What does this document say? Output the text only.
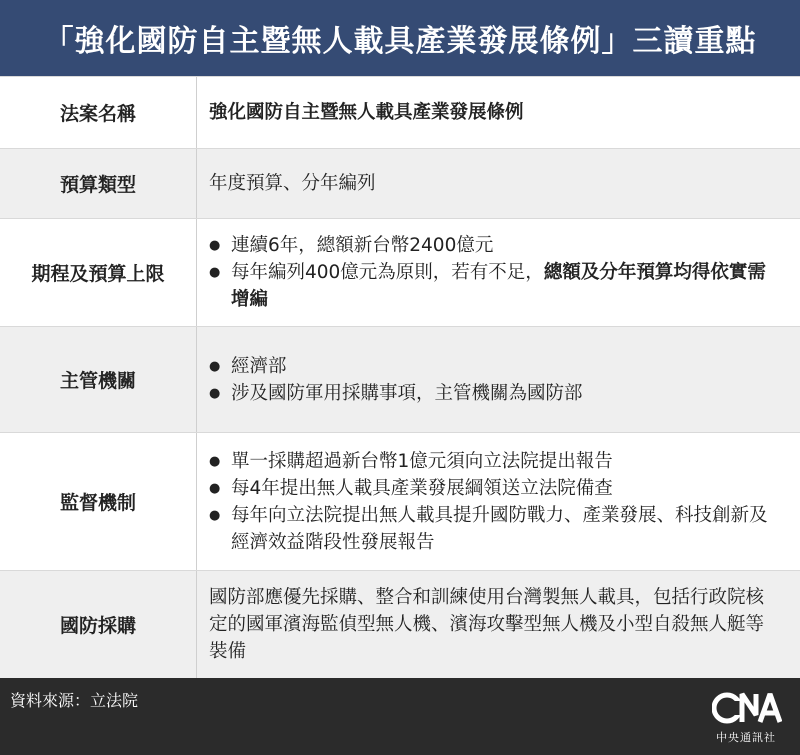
「強化國防自主暨無人載具產業發展條例」三讀重點
法案名稱	強化國防自主暨無人載具產業發展條例
預算類型	年度預算、分年編列
期程及預算上限
● 連續6年，總額新台幣2400億元
● 每年編列400億元為原則，若有不足，總額及分年預算均得依實需增編
主管機關
● 經濟部
● 涉及國防軍用採購事項，主管機關為國防部
監督機制
● 單一採購超過新台幣1億元須向立法院提出報告
● 每4年提出無人載具產業發展綱領送立法院備查
● 每年向立法院提出無人載具提升國防戰力、產業發展、科技創新及經濟效益階段性發展報告
國防採購
國防部應優先採購、整合和訓練使用台灣製無人載具，包括行政院核定的國軍濱海監偵型無人機、濱海攻擊型無人機及小型自殺無人艇等裝備
資料來源：立法院
中央通訊社
